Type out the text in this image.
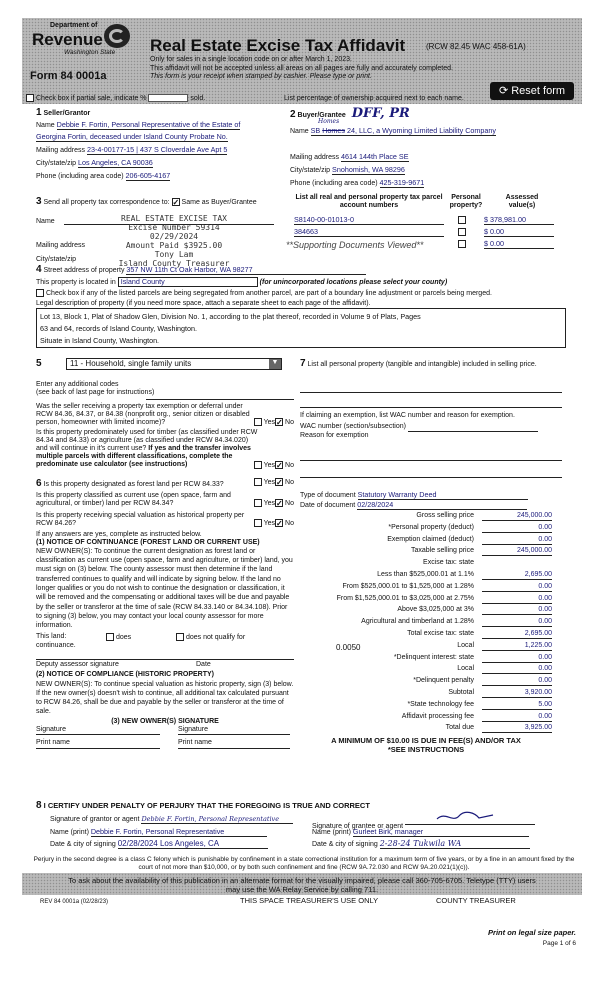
Department of
Revenue
Washington State
Form 84 0001a
Real Estate Excise Tax Affidavit	(RCW 82.45 WAC 458-61A)
Only for sales in a single location code on or after March 1, 2023.
This affidavit will not be accepted unless all areas on all pages are fully and accurately completed.
This form is your receipt when stamped by cashier. Please type or print.
⟳ Reset form
Check box if partial sale, indicate %	sold.	List percentage of ownership acquired next to each name.
1 Seller/Grantor
Name Debbie F. Fortin, Personal Representative of the Estate of
Georgina Fortin, deceased under Island County Probate No.
Mailing address 23-4-00177-15 | 437 S Cloverdale Ave Apt 5
City/state/zip Los Angeles, CA 90036
Phone (including area code) 206-605-4167
2 Buyer/Grantee DFF, PR
Homes
Name SB Homes 24, LLC, a Wyoming Limited Liability Company
Mailing address 4614 144th Place SE
City/state/zip Snohomish, WA 98296
Phone (including area code) 425-319-9671
3 Send all property tax correspondence to: ✓ Same as Buyer/Grantee
Name
Mailing address
City/state/zip
REAL ESTATE EXCISE TAX
Excise Number 59314
02/29/2024
Amount Paid $3925.00
Tony Lam
Island County Treasurer
List all real and personal property tax parcel account numbers
Personal property?
Assessed value(s)
S8140-00-01013-0	$ 378,981.00
384663	$ 0.00
**Supporting Documents Viewed**	$ 0.00
4 Street address of property 357 NW 11th Ct Oak Harbor, WA 98277
This property is located in Island County	(for unincorporated locations please select your county)
Check box if any of the listed parcels are being segregated from another parcel, are part of a boundary line adjustment or parcels being merged.
Legal description of property (if you need more space, attach a separate sheet to each page of the affidavit).
Lot 13, Block 1, Plat of Shadow Glen, Division No. 1, according to the plat thereof, recorded in Volume 9 of Plats, Pages
63 and 64, records of Island County, Washington.
Situate in Island County, Washington.
5	11 - Household, single family units	▼
Enter any additional codes
(see back of last page for instructions)
Was the seller receiving a property tax exemption or deferral under RCW 84.36, 84.37, or 84.38 (nonprofit org., senior citizen or disabled person, homeowner with limited income)?	Yes✓ No
Is this property predominately used for timber (as classified under RCW 84.34 and 84.33) or agriculture (as classified under RCW 84.34.020) and will continue in it's current use? If yes and the transfer involves multiple parcels with different classifications, complete the predominate use calculator (see instructions)	Yes✓ No
6 Is this property designated as forest land per RCW 84.33?	Yes✓ No
Is this property classified as current use (open space, farm and agricultural, or timber) land per RCW 84.34?	Yes✓ No
Is this property receiving special valuation as historical property per RCW 84.26?	Yes✓ No
If any answers are yes, complete as instructed below.
(1) NOTICE OF CONTINUANCE (FOREST LAND OR CURRENT USE)
NEW OWNER(S): To continue the current designation as forest land or classification as current use (open space, farm and agriculture, or timber) land, you must sign on (3) below. The county assessor must then determine if the land transferred continues to qualify and will indicate by signing below. If the land no longer qualifies or you do not wish to continue the designation or classification, it will be removed and the compensating or additional taxes will be due and payable by the seller or transferor at the time of sale (RCW 84.33.140 or 84.34.108). Prior to signing (3) below, you may contact your local county assessor for more information.
This land:
continuance.
does	does not qualify for
Deputy assessor signature	Date
(2) NOTICE OF COMPLIANCE (HISTORIC PROPERTY)
NEW OWNER(S): To continue special valuation as historic property, sign (3) below. If the new owner(s) doesn't wish to continue, all additional tax calculated pursuant to RCW 84.26, shall be due and payable by the seller or transferor at the time of sale.
(3) NEW OWNER(S) SIGNATURE
Signature	Signature
Print name	Print name
7 List all personal property (tangible and intangible) included in selling price.
If claiming an exemption, list WAC number and reason for exemption.
WAC number (section/subsection)
Reason for exemption
Type of document Statutory Warranty Deed
Date of document 02/28/2024
Gross selling price	245,000.00
*Personal property (deduct)	0.00
Exemption claimed (deduct)	0.00
Taxable selling price	245,000.00
Excise tax: state
Less than $525,000.01 at 1.1%	2,695.00
From $525,000.01 to $1,525,000 at 1.28%	0.00
From $1,525,000.01 to $3,025,000 at 2.75%	0.00
Above $3,025,000 at 3%	0.00
Agricultural and timberland at 1.28%	0.00
Total excise tax: state	2,695.00
0.0050	Local	1,225.00
*Delinquent interest: state	0.00
Local	0.00
*Delinquent penalty	0.00
Subtotal	3,920.00
*State technology fee	5.00
Affidavit processing fee	0.00
Total due	3,925.00
A MINIMUM OF $10.00 IS DUE IN FEE(S) AND/OR TAX
*SEE INSTRUCTIONS
8 I CERTIFY UNDER PENALTY OF PERJURY THAT THE FOREGOING IS TRUE AND CORRECT
Signature of grantor or agent Debbie F. Fortin, Personal Representative
Name (print) Debbie F. Fortin, Personal Representative
Date & city of signing 02/28/2024 Los Angeles, CA
Signature of grantee or agent
Name (print) Gurleet Birk, manager
Date & city of signing 2-28-24 Tukwila WA
Perjury in the second degree is a class C felony which is punishable by confinement in a state correctional institution for a maximum term of five years, or by a fine in an amount fixed by the court of not more than $10,000, or by both such confinement and fine (RCW 9A.72.030 and RCW 9A.20.021(1)(c)).
To ask about the availability of this publication in an alternate format for the visually impaired, please call 360-705-6705. Teletype (TTY) users may use the WA Relay Service by calling 711.
REV 84 0001a (02/28/23)	THIS SPACE TREASURER'S USE ONLY	COUNTY TREASURER
Print on legal size paper.
Page 1 of 6
